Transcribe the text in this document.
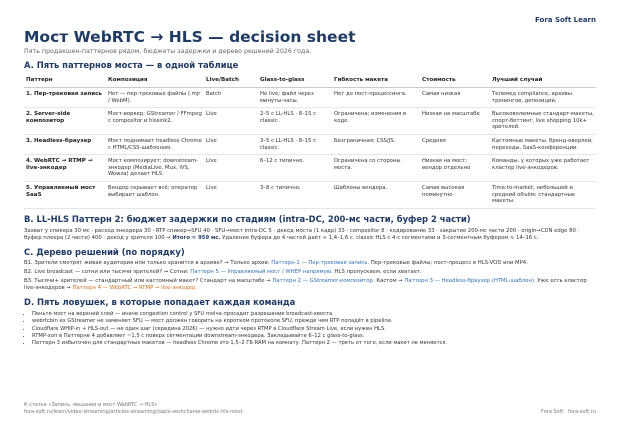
Fora Soft Learn
Мост WebRTC → HLS — decision sheet
Пять продакшен-паттернов рядом, бюджеты задержки и дерево решений 2026 года.
A. Пять паттернов моста — в одной таблице
Паттерн	Композиция	Live/Batch	Glass-to-glass	Гибкость макета	Стоимость	Лучший случай
1. Пер-трековая запись	Нет — пер-трековые файлы (.mjr / WebM).	Batch	Не live; файл через минуты-часы.	Нет до пост-процессинга.	Самая низкая	Телемед compliance, архивы тренингов, депозиции.
2. Server-side композитор	Мост-воркер; GStreamer / FFmpeg c compositor и hlssink2.	Live	2–5 с LL-HLS · 8–15 с classic.	Ограничена; изменения в коде.	Низкая на масштабе	Высоковолюмные стандарт-макеты, спорт-беттинг, live shopping 10k+ зрителей.
3. Headless-браузер	Мост поднимает headless Chrome с HTML/CSS-шаблоном.	Live	3–5 с LL-HLS · 8–15 с classic.	Безграничная; CSS/JS.	Средняя	Кастомные макеты, бренд-оверлеи, переходы, SaaS-конференции.
4. WebRTC → RTMP → live-энкодер	Мост композирует; downstream-энкодер (MediaLive, Mux, IVS, Wowza) делает HLS.	Live	6–12 с типично.	Ограничена со стороны моста.	Низкая на мост; вендор отдельно	Команды, у которых уже работает кластер live-энкодеров.
5. Управляемый мост SaaS	Вендор скрывает всё; оператор выбирает шаблон.	Live	3–8 с типично.	Шаблоны вендора.	Самая высокая поминутно	Time-to-market; небольшой и средний объём; стандартные макеты.
B. LL-HLS Паттерн 2: бюджет задержки по стадиям (intra-DC, 200-мс части, буфер 2 части)
Захват у спикера 30 мс · расход энкодера 30 · RTP спикер→SFU 40 · SFU→мост intra-DC 5 · декод моста (1 кадр) 33 · compositor 8 · кодирование 33 · закрытие 200-мс части 200 · origin→CDN edge 80 · буфер плеера (2 части) 400 · декод у зрителя 100 → Итого ≈ 959 мс. Удаление буфера до 4 частей даёт ≈ 1,4–1,6 с. classic HLS с 4-с сегментами и 3-сегментным буфером ≈ 14–16 с.
C. Дерево решений (по порядку)

В1. Зрители смотрят живая аудитория или только хранится в архиве? → Только архив: Паттерн 1 — Пер-трековая запись. Пер-трековые файлы; пост-процесс в HLS-VOD или MP4.

В2. Live broadcast — сотни или тысячи зрителей? → Сотни: Паттерн 5 — Управляемый мост / WHEP напрямую. HLS пропускаем, если хватает.

В3. Тысячи+ зрителей — стандартный или кастомный макет? Стандарт на масштабе → Паттерн 2 — GStreamer-композитор. Кастом → Паттерн 3 — Headless-браузер (HTML-шаблон). Уже есть кластер live-энкодеров → Паттерн 4 — WebRTC → RTMP → live-энкодер.

D. Пять ловушек, в которые попадает каждая команда
• Пеньте мост на верхний слой — иначе congestion control у SFU molча просадит разрешение broadcast-хвоста.
• webrtcbin из GStreamer не заменяет SFU — мост должен говорить на коротком протоколе SFU, прежде чем RTP попадёт в pipeline.
• Cloudflare WHIP-in + HLS-out — не один шаг (середина 2026) — нужно идти через RTMP в Cloudflare Stream Live, если нужен HLS.
• RTMP-хоп в Паттерне 4 добавляет ~1,5 с поверх сегментации downstream-энкодера. Закладывайте 6–12 с glass-to-glass.
• Паттерн 3 избыточен для стандартных макетов — headless Chrome это 1,5–2 ГБ RAM на комнату. Паттерн 2 — треть от того, если макет не меняется.
К статье «Запись, вещание и мост WebRTC → HLS»
fora-soft.ru/learn/video-streaming/articles-streaming/zapis-veshchanie-webrtc-hls-most	Fora Soft · fora-soft.ru
